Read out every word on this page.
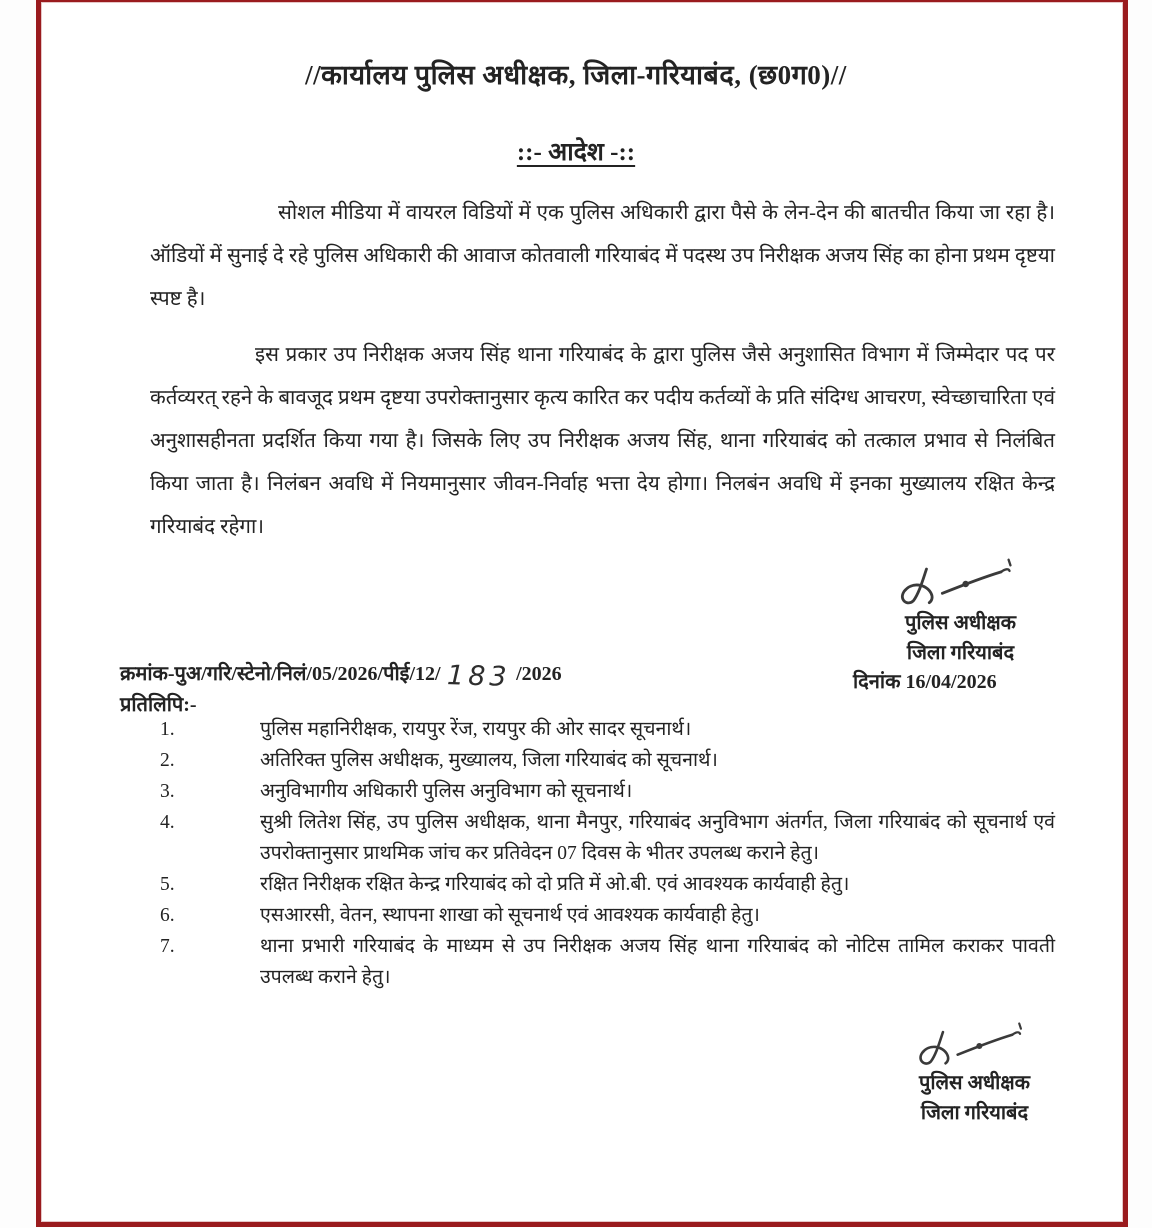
//कार्यालय पुलिस अधीक्षक, जिला-गरियाबंद, (छ0ग0)//
::- आदेश -::
सोशल मीडिया में वायरल विडियों में एक पुलिस अधिकारी द्वारा पैसे के लेन-देन की बातचीत किया जा रहा है। ऑडियों में सुनाई दे रहे पुलिस अधिकारी की आवाज कोतवाली गरियाबंद में पदस्थ उप निरीक्षक अजय सिंह का होना प्रथम दृष्टया स्पष्ट है।
इस प्रकार उप निरीक्षक अजय सिंह थाना गरियाबंद के द्वारा पुलिस जैसे अनुशासित विभाग में जिम्मेदार पद पर कर्तव्यरत् रहने के बावजूद प्रथम दृष्टया उपरोक्तानुसार कृत्य कारित कर पदीय कर्तव्यों के प्रति संदिग्ध आचरण, स्वेच्छाचारिता एवं अनुशासहीनता प्रदर्शित किया गया है। जिसके लिए उप निरीक्षक अजय सिंह, थाना गरियाबंद को तत्काल प्रभाव से निलंबित किया जाता है। निलंबन अवधि में नियमानुसार जीवन-निर्वाह भत्ता देय होगा। निलबंन अवधि में इनका मुख्यालय रक्षित केन्द्र गरियाबंद रहेगा।
पुलिस अधीक्षक
जिला गरियाबंद
दिनांक 16/04/2026
क्रमांक-पुअ/गरि/स्टेनो/निलं/05/2026/पीई/12/ 183 /2026
प्रतिलिपि:-
1.	पुलिस महानिरीक्षक, रायपुर रेंज, रायपुर की ओर सादर सूचनार्थ।
2.	अतिरिक्त पुलिस अधीक्षक, मुख्यालय, जिला गरियाबंद को सूचनार्थ।
3.	अनुविभागीय अधिकारी पुलिस अनुविभाग को सूचनार्थ।
4.	सुश्री लितेश सिंह, उप पुलिस अधीक्षक, थाना मैनपुर, गरियाबंद अनुविभाग अंतर्गत, जिला गरियाबंद को सूचनार्थ एवं उपरोक्तानुसार प्राथमिक जांच कर प्रतिवेदन 07 दिवस के भीतर उपलब्ध कराने हेतु।
5.	रक्षित निरीक्षक रक्षित केन्द्र गरियाबंद को दो प्रति में ओ.बी. एवं आवश्यक कार्यवाही हेतु।
6.	एसआरसी, वेतन, स्थापना शाखा को सूचनार्थ एवं आवश्यक कार्यवाही हेतु।
7.	थाना प्रभारी गरियाबंद के माध्यम से उप निरीक्षक अजय सिंह थाना गरियाबंद को नोटिस तामिल कराकर पावती उपलब्ध कराने हेतु।
पुलिस अधीक्षक
जिला गरियाबंद
